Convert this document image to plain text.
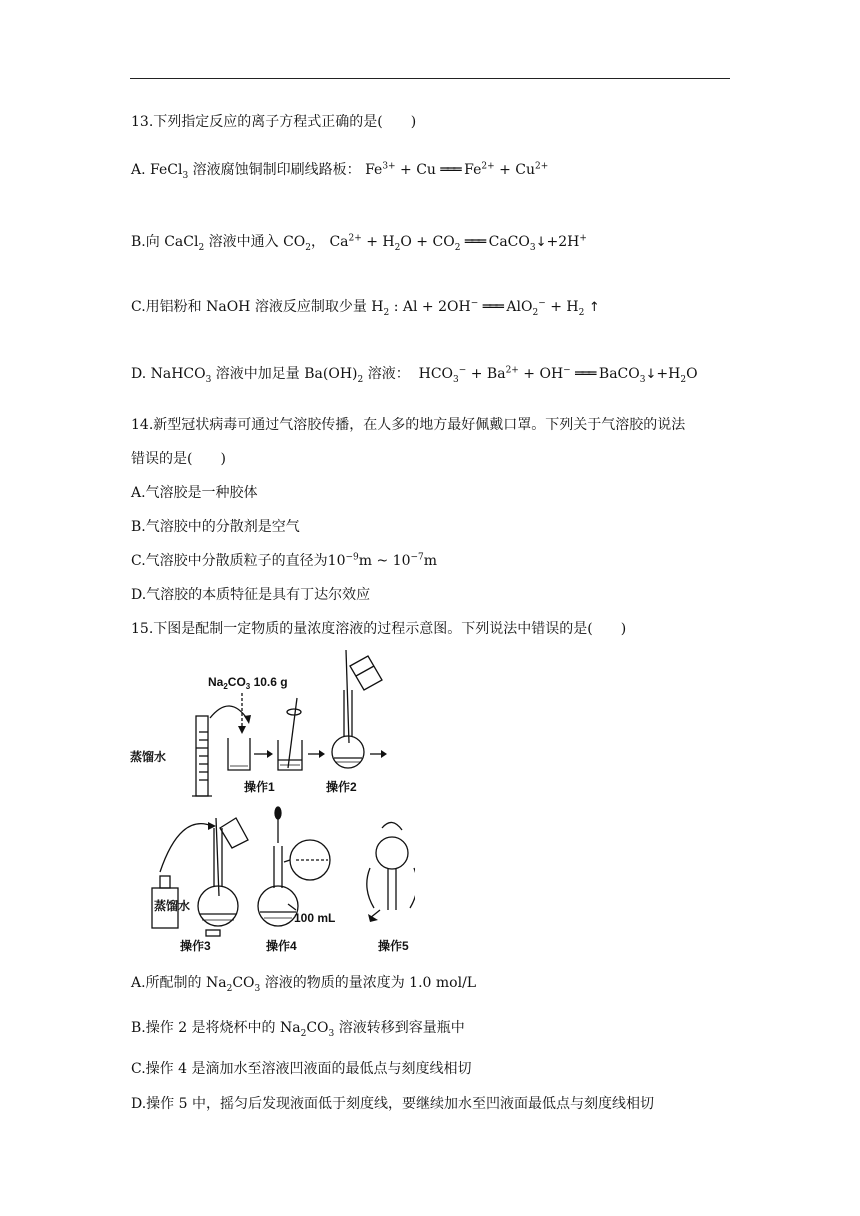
13.下列指定反应的离子方程式正确的是(　　)
A. FeCl$_3$ 溶液腐蚀铜制印刷线路板： $Fe^{3+} + Cu$ ═══ $Fe^{2+} + Cu^{2+}$
B.向 CaCl$_2$ 溶液中通入 $CO_2$， $Ca^{2+} + H_2O + CO_2$ ═══ CaCO$_3$↓+2H+
C.用铝粉和 NaOH 溶液反应制取少量 $H_2$ : Al + 2OH− ═══ $AlO_2^- + H_2$ ↑
D. NaHCO$_3$ 溶液中加足量 $Ba(OH)_2$ 溶液：  $HCO_3^- + Ba^{2+} + OH^-$ ═══ $BaCO_3↓+H_2O$
14.新型冠状病毒可通过气溶胶传播，在人多的地方最好佩戴口罩。下列关于气溶胶的说法
错误的是(　　)
A.气溶胶是一种胶体
B.气溶胶中的分散剂是空气
C.气溶胶中分散质粒子的直径为$10^{-9}m$ ~ $10^{-7}m$
D.气溶胶的本质特征是具有丁达尔效应
15.下图是配制一定物质的量浓度溶液的过程示意图。下列说法中错误的是(　　)
$Na_2CO_3$ 10.6 g
蒸馏水
蒸馏水
100 mL
操作1	操作2
操作3	操作4	操作5
A.所配制的 $Na_2CO_3$ 溶液的物质的量浓度为 1.0 mol/L
B.操作 2 是将烧杯中的 $Na_2CO_3$ 溶液转移到容量瓶中
C.操作 4 是滴加水至溶液凹液面的最低点与刻度线相切
D.操作 5 中，摇匀后发现液面低于刻度线，要继续加水至凹液面最低点与刻度线相切
